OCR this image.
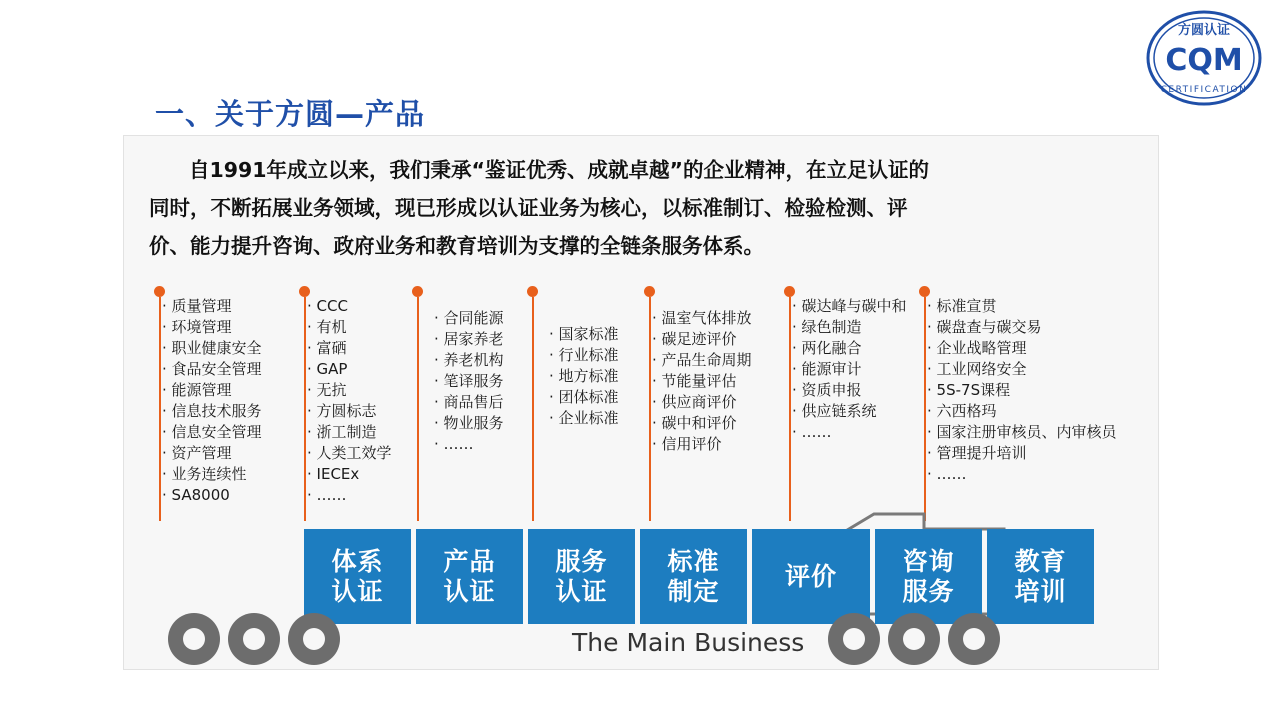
方圆认证
CQM
CERTIFICATION
一、关于方圆—产品
自1991年成立以来，我们秉承“鉴证优秀、成就卓越”的企业精神，在立足认证的
同时，不断拓展业务领域，现已形成以认证业务为核心，以标准制订、检验检测、评
价、能力提升咨询、政府业务和教育培训为支撑的全链条服务体系。
· 质量管理
· 环境管理
· 职业健康安全
· 食品安全管理
· 能源管理
· 信息技术服务
· 信息安全管理
· 资产管理
· 业务连续性
· SA8000
· CCC
· 有机
· 富硒
· GAP
· 无抗
· 方圆标志
· 浙工制造
· 人类工效学
· IECEx
· ……
· 合同能源
· 居家养老
· 养老机构
· 笔译服务
· 商品售后
· 物业服务
· ……
· 国家标准
· 行业标准
· 地方标准
· 团体标准
· 企业标准
· 温室气体排放
· 碳足迹评价
· 产品生命周期
· 节能量评估
· 供应商评价
· 碳中和评价
· 信用评价
· 碳达峰与碳中和
· 绿色制造
· 两化融合
· 能源审计
· 资质申报
· 供应链系统
· ……
· 标准宣贯
· 碳盘查与碳交易
· 企业战略管理
· 工业网络安全
· 5S-7S课程
· 六西格玛
· 国家注册审核员、内审核员
· 管理提升培训
· ……
体系
认证
产品
认证
服务
认证
标准
制定
评价
咨询
服务
教育
培训
The Main Business
